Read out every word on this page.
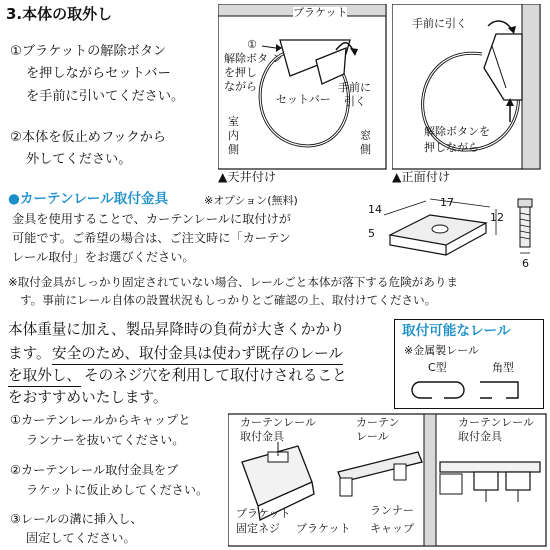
3.本体の取外し
①ブラケットの解除ボタン
を押しながらセットバー
を手前に引いてください。
②本体を仮止めフックから
外してください。
ブラケット
①
解除ボタ ン
を押し
ながら
セットバー
手前に
引く
室
内
側
窓
側
▲天井付け
手前に引く
解除ボタンを
押しながら
▲正面付け
●カーテンレール取付金具	※オプション(無料)
金具を使用することで、カーテンレールに取付けが
可能です。ご希望の場合は、ご注文時に「カーテン
レール取付」をお選びください。
14
17
12
5
6
※取付金具がしっかり固定されていない場合、レールごと本体が落下する危険がありま
す。事前にレール自体の設置状況もしっかりとご確認の上、取付けてください。
本体重量に加え、製品昇降時の負荷が大きくかかり
ます。 安全のため、取付金具は使わず既存のレール
を取外し、 そのネジ穴を利用して取付けされること
をおすすめいたします。
取付可能なレール
※金属製レール
C型	角型
①カーテンレールからキャップと
ランナーを抜いてください。
②カーテンレール取付金具をブ
ラケットに仮止めしてください。
③レールの溝に挿入し、
固定してください。
カーテンレール
取付金具
カーテン
レール
カーテンレール
取付金具
ブラケット
固定ネジ ブラケット
ランナー
キャップ
